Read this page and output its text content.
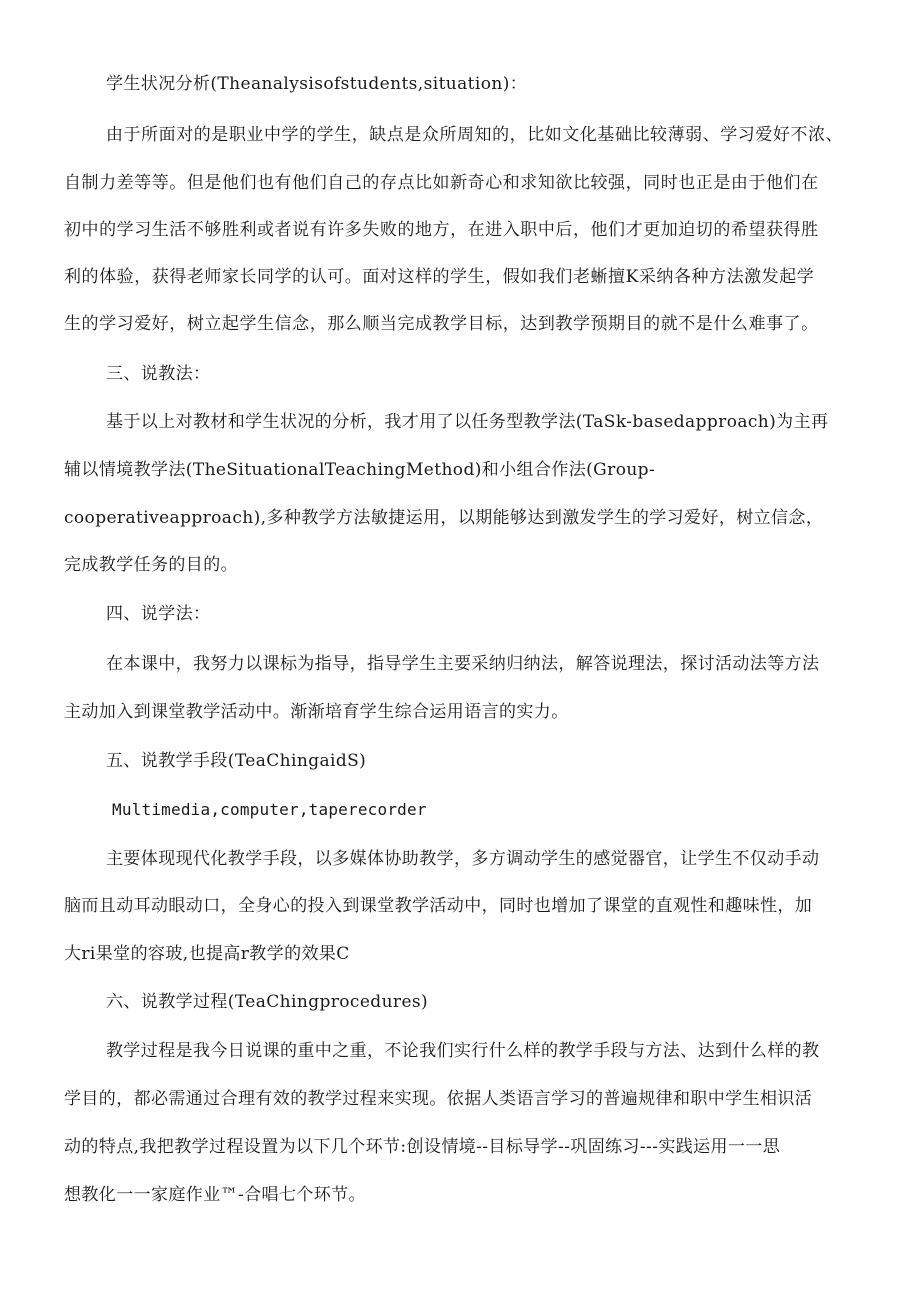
学生状况分析(Theanalysisofstudents,situation)：

由于所面对的是职业中学的学生，缺点是众所周知的，比如文化基础比较薄弱、学习爱好不浓、

自制力差等等。但是他们也有他们自己的存点比如新奇心和求知欲比较强，同时也正是由于他们在

初中的学习生活不够胜利或者说有许多失败的地方，在进入职中后，他们才更加迫切的希望获得胜

利的体验，获得老师家长同学的认可。面对这样的学生，假如我们老蜥擅K采纳各种方法激发起学

生的学习爱好，树立起学生信念，那么顺当完成教学目标，达到教学预期目的就不是什么难事了。

三、说教法：

基于以上对教材和学生状况的分析，我才用了以任务型教学法(TaSk-basedapproach)为主再

辅以情境教学法(TheSituationalTeachingMethod)和小组合作法(Group-

cooperativeapproach),多种教学方法敏捷运用，以期能够达到激发学生的学习爱好，树立信念，

完成教学任务的目的。

四、说学法：

在本课中，我努力以课标为指导，指导学生主要采纳归纳法，解答说理法，探讨活动法等方法

主动加入到课堂教学活动中。渐渐培育学生综合运用语言的实力。

五、说教学手段(TeaChingaidS)

Multimedia,computer,taperecorder

主要体现现代化教学手段，以多媒体协助教学，多方调动学生的感觉器官，让学生不仅动手动

脑而且动耳动眼动口，全身心的投入到课堂教学活动中，同时也增加了课堂的直观性和趣味性，加

大ri果堂的容玻,也提高r教学的效果C

六、说教学过程(TeaChingprocedures)

教学过程是我今日说课的重中之重，不论我们实行什么样的教学手段与方法、达到什么样的教

学目的，都必需通过合理有效的教学过程来实现。依据人类语言学习的普遍规律和职中学生相识活

动的特点,我把教学过程设置为以下几个环节:创设情境--目标导学--巩固练习---实践运用一一思

想教化一一家庭作业™-合唱七个环节。
